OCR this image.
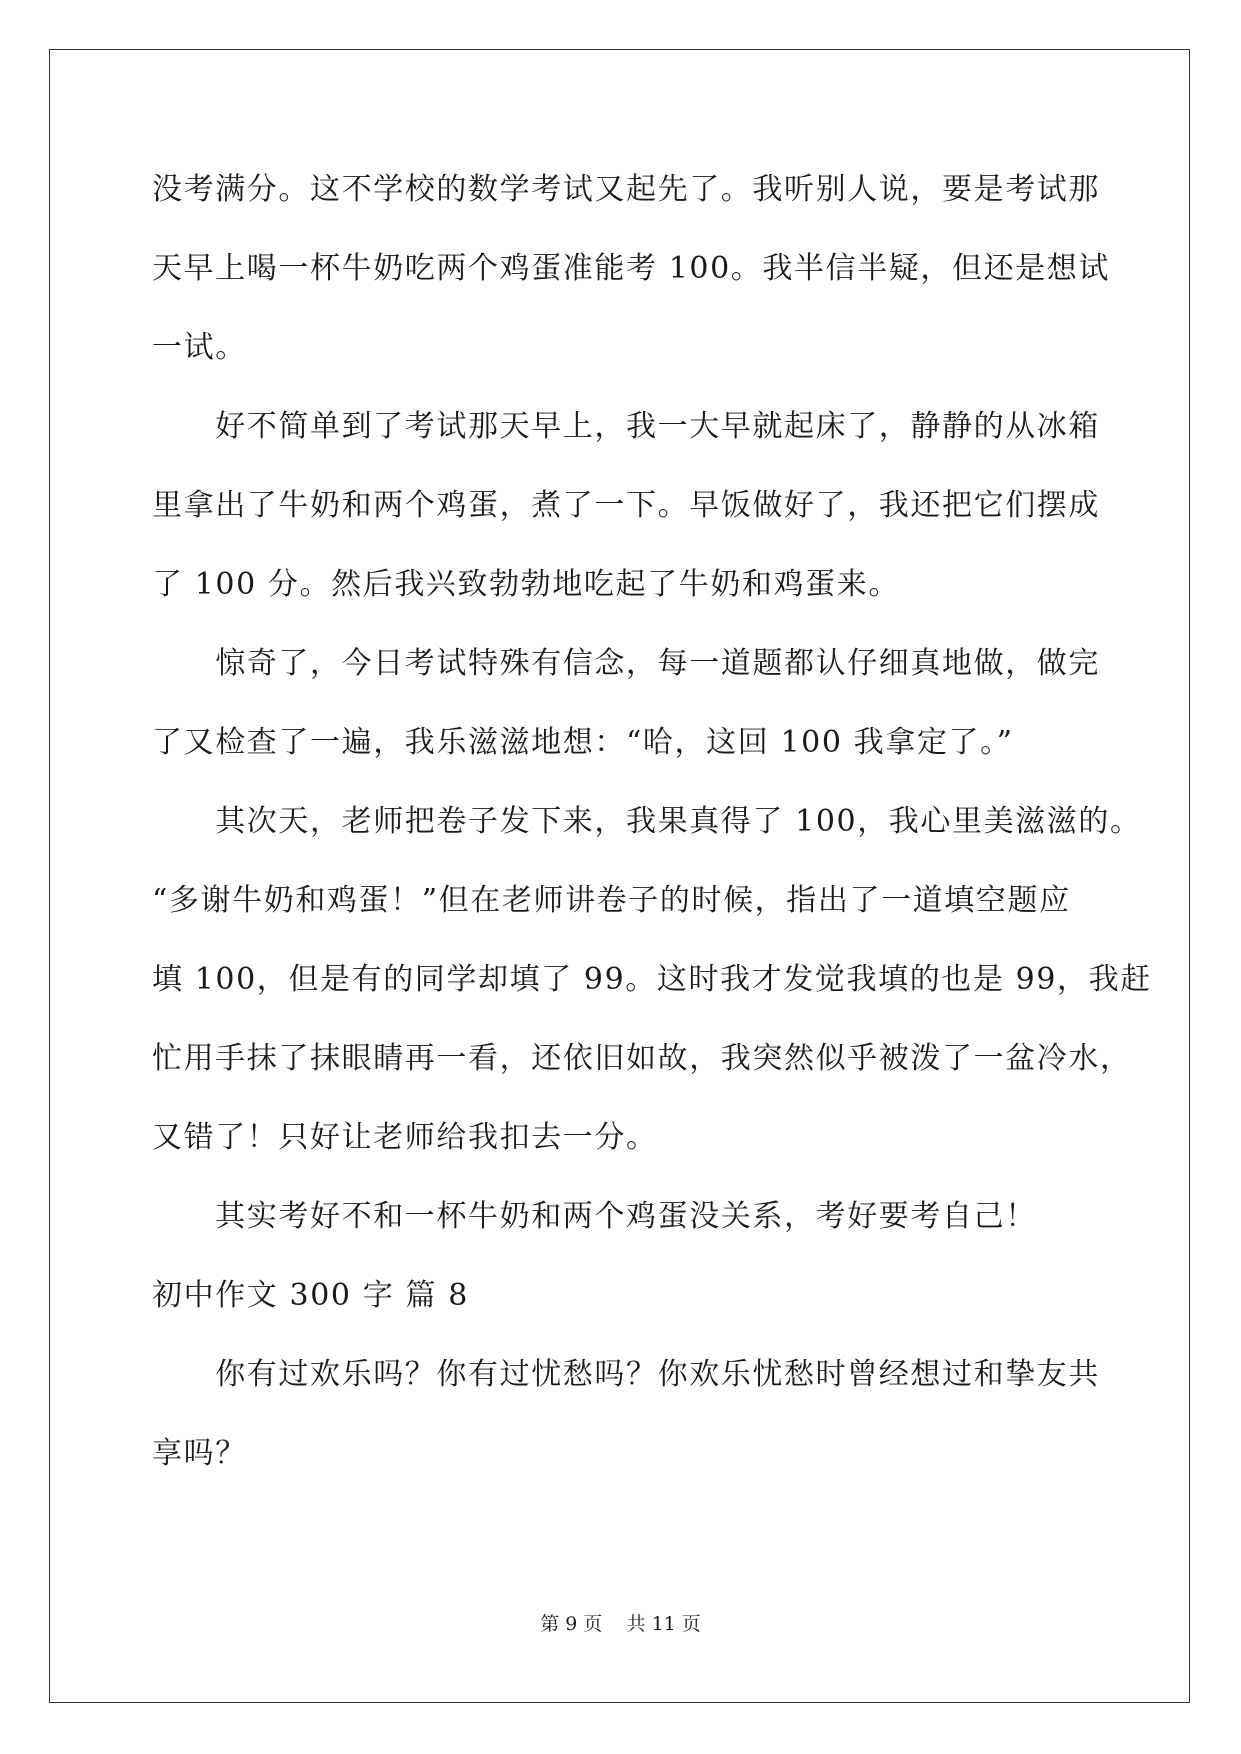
没考满分。这不学校的数学考试又起先了。我听别人说，要是考试那
天早上喝一杯牛奶吃两个鸡蛋准能考 100。我半信半疑，但还是想试
一试。
　　好不简单到了考试那天早上，我一大早就起床了，静静的从冰箱
里拿出了牛奶和两个鸡蛋，煮了一下。早饭做好了，我还把它们摆成
了 100 分。然后我兴致勃勃地吃起了牛奶和鸡蛋来。
　　惊奇了，今日考试特殊有信念，每一道题都认仔细真地做，做完
了又检查了一遍，我乐滋滋地想：“哈，这回 100 我拿定了。”
　　其次天，老师把卷子发下来，我果真得了 100，我心里美滋滋的。
“多谢牛奶和鸡蛋！”但在老师讲卷子的时候，指出了一道填空题应
填 100，但是有的同学却填了 99。这时我才发觉我填的也是 99，我赶
忙用手抹了抹眼睛再一看，还依旧如故，我突然似乎被泼了一盆冷水，
又错了！只好让老师给我扣去一分。
　　其实考好不和一杯牛奶和两个鸡蛋没关系，考好要考自己！
初中作文 300 字 篇 8
　　你有过欢乐吗？你有过忧愁吗？你欢乐忧愁时曾经想过和挚友共
享吗？
第 9 页    共 11 页
